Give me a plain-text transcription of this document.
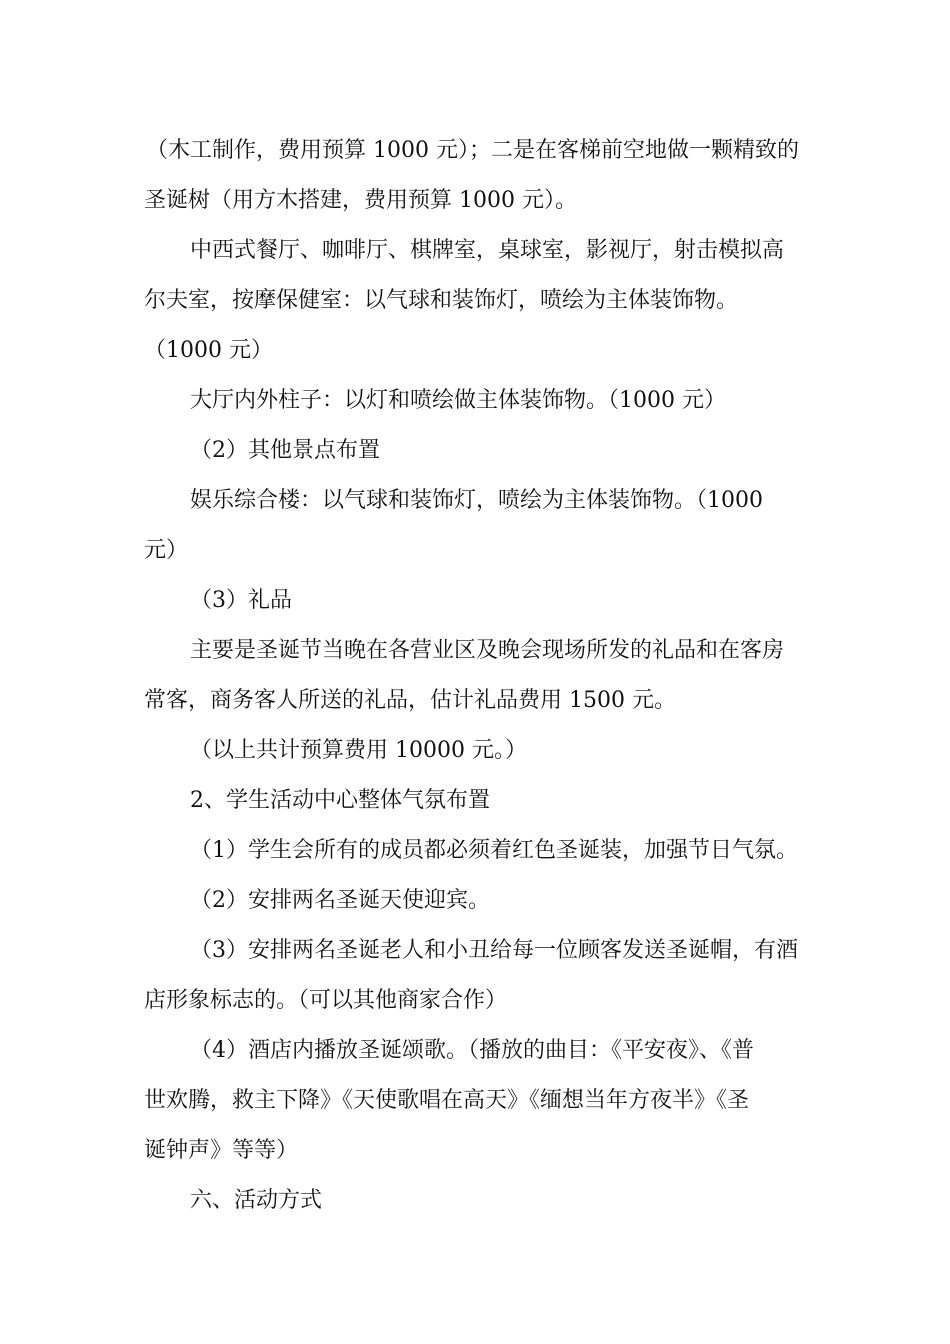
（木工制作，费用预算 1000 元）；二是在客梯前空地做一颗精致的
圣诞树（用方木搭建，费用预算 1000 元）。
中西式餐厅、咖啡厅、棋牌室，桌球室，影视厅，射击模拟高
尔夫室，按摩保健室：以气球和装饰灯，喷绘为主体装饰物。
（1000 元）
大厅内外柱子：以灯和喷绘做主体装饰物。（1000 元）
（2）其他景点布置
娱乐综合楼：以气球和装饰灯，喷绘为主体装饰物。（1000
元）
（3）礼品
主要是圣诞节当晚在各营业区及晚会现场所发的礼品和在客房
常客，商务客人所送的礼品，估计礼品费用 1500 元。
（以上共计预算费用 10000 元。）
2、学生活动中心整体气氛布置
（1）学生会所有的成员都必须着红色圣诞装，加强节日气氛。
（2）安排两名圣诞天使迎宾。
（3）安排两名圣诞老人和小丑给每一位顾客发送圣诞帽，有酒
店形象标志的。（可以其他商家合作）
（4）酒店内播放圣诞颂歌。（播放的曲目：《平安夜》、《普
世欢腾，救主下降》《天使歌唱在高天》《缅想当年方夜半》《圣
诞钟声》等等）
六、活动方式
